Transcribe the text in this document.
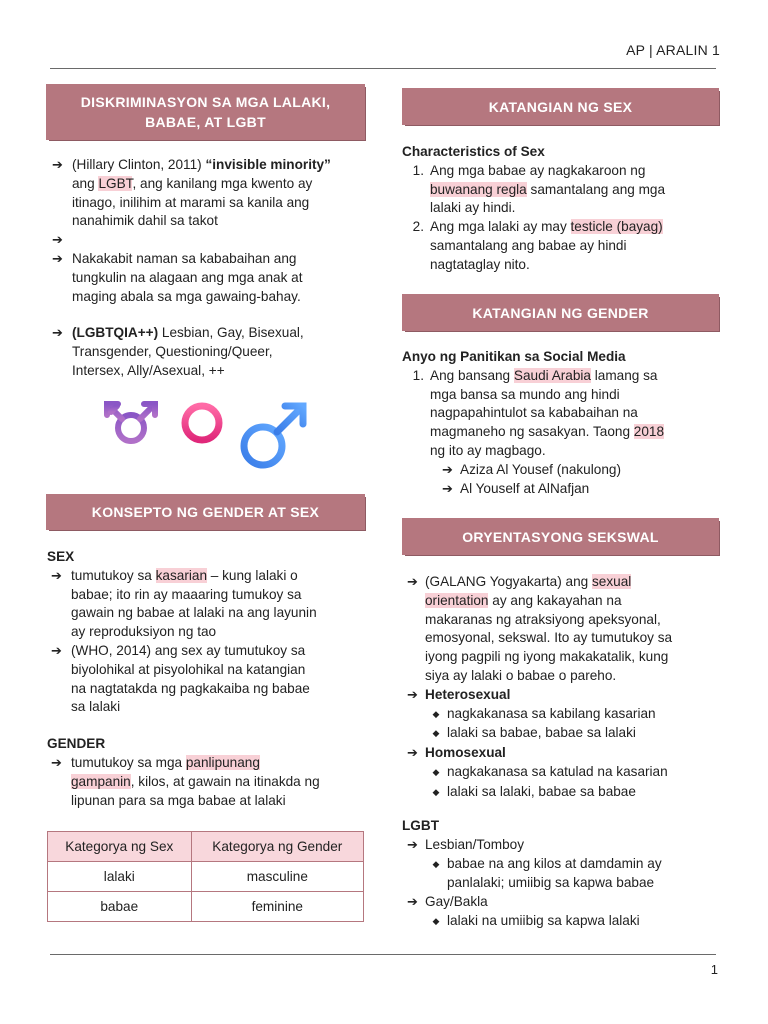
AP | ARALIN 1
DISKRIMINASYON SA MGA LALAKI,
BABAE, AT LGBT
➔ (Hillary Clinton, 2011) “invisible minority”
ang LGBT, ang kanilang mga kwento ay
itinago, inilihim at marami sa kanila ang
nanahimik dahil sa takot
➔
➔ Nakakabit naman sa kababaihan ang
tungkulin na alagaan ang mga anak at
maging abala sa mga gawaing-bahay.
➔ (LGBTQIA++) Lesbian, Gay, Bisexual,
Transgender, Questioning/Queer,
Intersex, Ally/Asexual, ++
KONSEPTO NG GENDER AT SEX
SEX
➔ tumutukoy sa kasarian – kung lalaki o
babae; ito rin ay maaaring tumukoy sa
gawain ng babae at lalaki na ang layunin
ay reproduksiyon ng tao
➔ (WHO, 2014) ang sex ay tumutukoy sa
biyolohikal at pisyolohikal na katangian
na nagtatakda ng pagkakaiba ng babae
sa lalaki
GENDER
➔ tumutukoy sa mga panlipunang
gampanin, kilos, at gawain na itinakda ng
lipunan para sa mga babae at lalaki
Kategorya ng Sex	Kategorya ng Gender
lalaki	masculine
babae	feminine
KATANGIAN NG SEX
Characteristics of Sex
1. Ang mga babae ay nagkakaroon ng
buwanang regla samantalang ang mga
lalaki ay hindi.
2. Ang mga lalaki ay may testicle (bayag)
samantalang ang babae ay hindi
nagtataglay nito.
KATANGIAN NG GENDER
Anyo ng Panitikan sa Social Media
1. Ang bansang Saudi Arabia lamang sa
mga bansa sa mundo ang hindi
nagpapahintulot sa kababaihan na
magmaneho ng sasakyan. Taong 2018
ng ito ay magbago.
➔ Aziza Al Yousef (nakulong)
➔ Al Youself at AlNafjan
ORYENTASYONG SEKSWAL
➔ (GALANG Yogyakarta) ang sexual
orientation ay ang kakayahan na
makaranas ng atraksiyong apeksyonal,
emosyonal, sekswal. Ito ay tumutukoy sa
iyong pagpili ng iyong makakatalik, kung
siya ay lalaki o babae o pareho.
➔ Heterosexual
◆ nagkakanasa sa kabilang kasarian
◆ lalaki sa babae, babae sa lalaki
➔ Homosexual
◆ nagkakanasa sa katulad na kasarian
◆ lalaki sa lalaki, babae sa babae
LGBT
➔ Lesbian/Tomboy
◆ babae na ang kilos at damdamin ay
panlalaki; umiibig sa kapwa babae
➔ Gay/Bakla
◆ lalaki na umiibig sa kapwa lalaki
1
